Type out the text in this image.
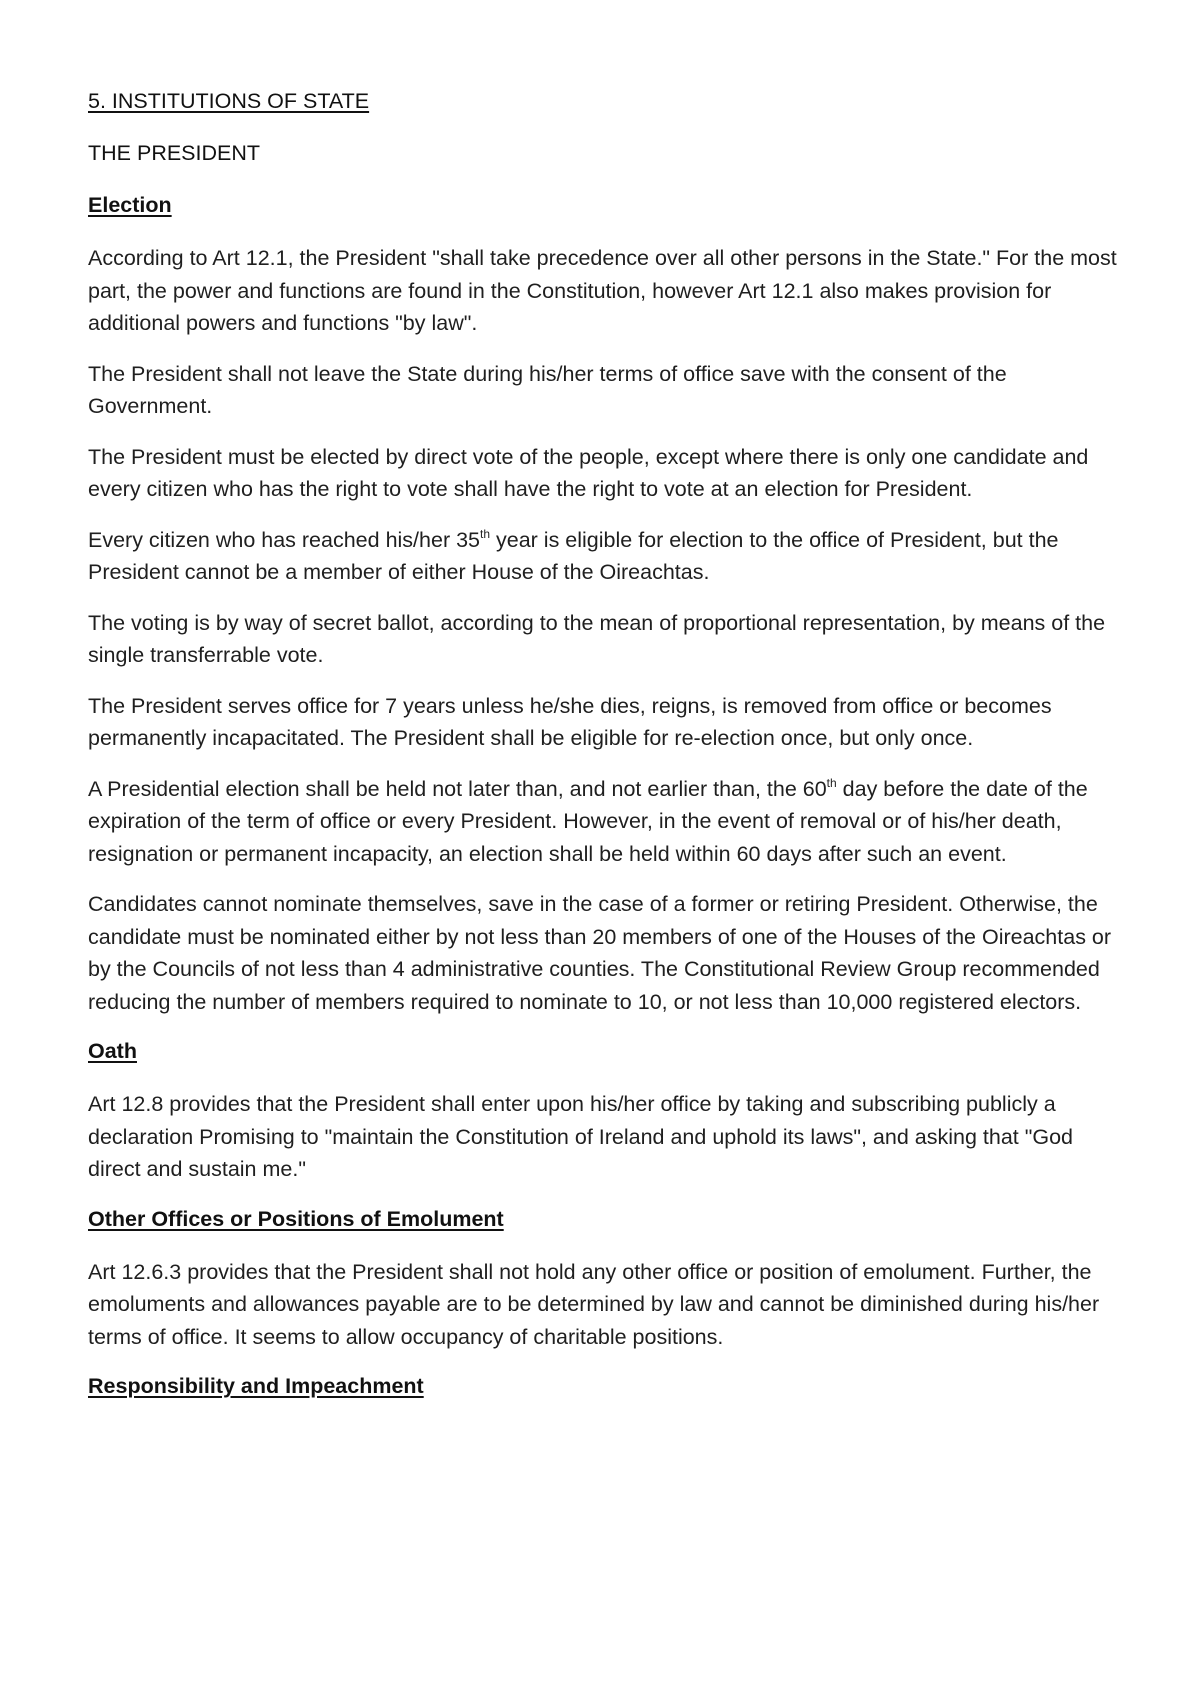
5. INSTITUTIONS OF STATE
THE PRESIDENT
Election

According to Art 12.1, the President "shall take precedence over all other persons in the State." For the most part, the power and functions are found in the Constitution, however Art 12.1 also makes provision for additional powers and functions "by law".

The President shall not leave the State during his/her terms of office save with the consent of the Government.

The President must be elected by direct vote of the people, except where there is only one candidate and every citizen who has the right to vote shall have the right to vote at an election for President.

Every citizen who has reached his/her 35th year is eligible for election to the office of President, but the President cannot be a member of either House of the Oireachtas.

The voting is by way of secret ballot, according to the mean of proportional representation, by means of the single transferrable vote.

The President serves office for 7 years unless he/she dies, reigns, is removed from office or becomes permanently incapacitated. The President shall be eligible for re-election once, but only once.

A Presidential election shall be held not later than, and not earlier than, the 60th day before the date of the expiration of the term of office or every President. However, in the event of removal or of his/her death, resignation or permanent incapacity, an election shall be held within 60 days after such an event.

Candidates cannot nominate themselves, save in the case of a former or retiring President. Otherwise, the candidate must be nominated either by not less than 20 members of one of the Houses of the Oireachtas or by the Councils of not less than 4 administrative counties. The Constitutional Review Group recommended reducing the number of members required to nominate to 10, or not less than 10,000 registered electors.

Oath

Art 12.8 provides that the President shall enter upon his/her office by taking and subscribing publicly a declaration Promising to "maintain the Constitution of Ireland and uphold its laws", and asking that "God direct and sustain me."

Other Offices or Positions of Emolument

Art 12.6.3 provides that the President shall not hold any other office or position of emolument. Further, the emoluments and allowances payable are to be determined by law and cannot be diminished during his/her terms of office. It seems to allow occupancy of charitable positions.

Responsibility and Impeachment
